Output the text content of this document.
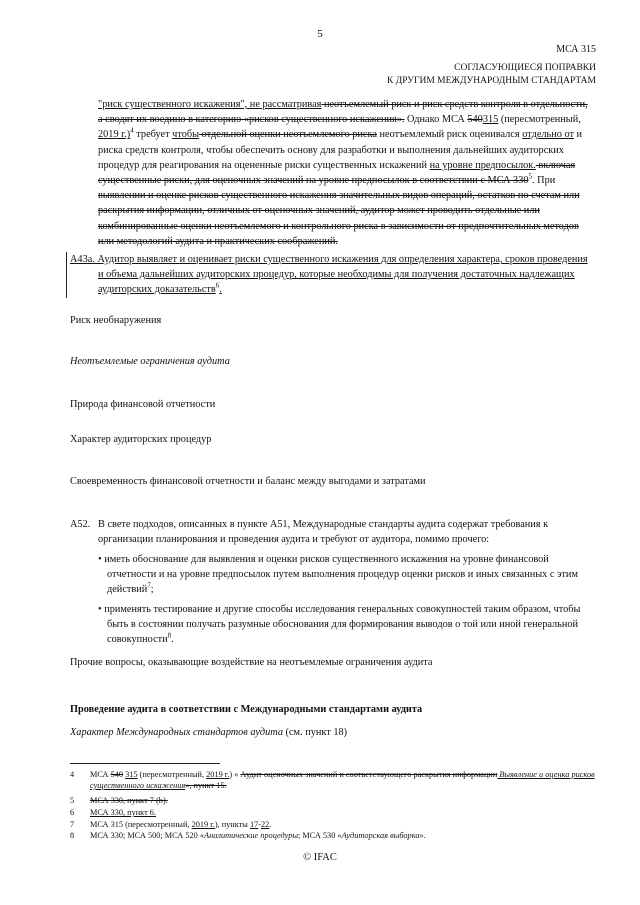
5
МСА 315
СОГЛАСУЮЩИЕСЯ ПОПРАВКИ
К ДРУГИМ МЕЖДУНАРОДНЫМ СТАНДАРТАМ
"риск существенного искажения", не рассматривая неотъемлемый риск и риск средств контроля в отдельности,
а сводят их воедино в категорию «рисков существенного искажения». Однако МСА 540315 (пересмотренный,
2019 г.)$^4$ требует чтобы отдельной оценки неотъемлемого риска неотъемлемый риск оценивался отдельно от и
риска средств контроля, чтобы обеспечить основу для разработки и выполнения дальнейших аудиторских
процедур для реагирования на оцененные риски существенных искажений на уровне предпосылок. включая
существенные риски, для оценочных значений на уровне предпосылок в соответствии с МСА $330^5$. При
выявлении и оценке рисков существенного искажения значительных видов операций, остатков по счетам или
раскрытия информации, отличных от оценочных значений, аудитор может проводить отдельные или
комбинированные оценки неотъемлемого и контрольного риска в зависимости от предпочтительных методов
или методологий аудита и практических соображений.
A43a. Аудитор выявляет и оценивает риски существенного искажения для определения характера, сроков проведения
и объема дальнейших аудиторских процедур, которые необходимы для получения достаточных надлежащих
аудиторских доказательств$^6$.
Риск необнаружения
Неотъемлемые ограничения аудита
Природа финансовой отчетности
Характер аудиторских процедур
Своевременность финансовой отчетности и баланс между выгодами и затратами
A52. В свете подходов, описанных в пункте А51, Международные стандарты аудита содержат требования к
организации планирования и проведения аудита и требуют от аудитора, помимо прочего:
• иметь обоснование для выявления и оценки рисков существенного искажения на уровне финансовой
отчетности и на уровне предпосылок путем выполнения процедур оценки рисков и иных связанных с этим
действий$^7$;
• применять тестирование и другие способы исследования генеральных совокупностей таким образом, чтобы
быть в состоянии получать разумные обоснования для формирования выводов о той или иной генеральной
совокупности$^8$.
Прочие вопросы, оказывающие воздействие на неотъемлемые ограничения аудита
Проведение аудита в соответствии с Международными стандартами аудита
Характер Международных стандартов аудита (см. пункт 18)
4 МСА 540 315 (пересмотренный, 2019 г.) « Аудит оценочных значений и соответствующего раскрытия информации Выявление и оценка рисков
существенного искажения», пункт 15.
5 МСА 330, пункт 7 (b).
6 МСА 330, пункт 6.
7 МСА 315 (пересмотренный, 2019 г.), пункты 17-22.
8 МСА 330; МСА 500; МСА 520 «Аналитические процедуры; МСА 530 «Аудиторская выборка».
© IFAC
